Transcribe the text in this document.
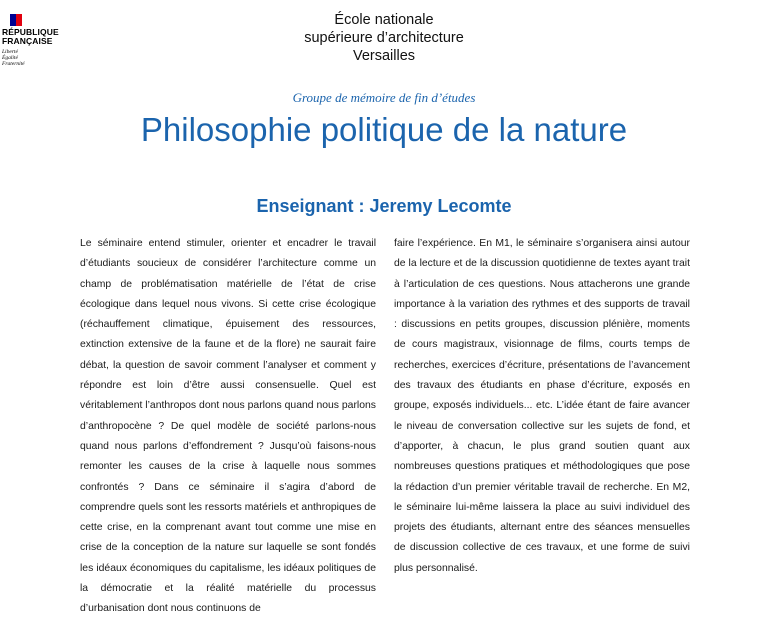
RÉPUBLIQUE
FRANÇAISE
Liberté
Égalité
Fraternité
École nationale
supérieure d’architecture
Versailles
Groupe de mémoire de fin d’études
Philosophie politique de la nature
Enseignant : Jeremy Lecomte

Le séminaire entend stimuler, orienter et encadrer le travail d’étudiants soucieux de considérer l’architecture comme un champ de problématisation matérielle de l’état de crise écologique dans lequel nous vivons. Si cette crise écologique (réchauffement climatique, épuisement des ressources, extinction extensive de la faune et de la flore) ne saurait faire débat, la question de savoir comment l’analyser et comment y répondre est loin d’être aussi consensuelle. Quel est véritablement l’anthropos dont nous parlons quand nous parlons d’anthropocène ? De quel modèle de société parlons-nous quand nous parlons d’effondrement ? Jusqu’où faisons-nous remonter les causes de la crise à laquelle nous sommes confrontés ? Dans ce séminaire il s’agira d’abord de comprendre quels sont les ressorts matériels et anthropiques de cette crise, en la comprenant avant tout comme une mise en crise de la conception de la nature sur laquelle se sont fondés les idéaux économiques du capitalisme, les idéaux politiques de la démocratie et la réalité matérielle du processus d’urbanisation dont nous continuons de

faire l’expérience. En M1, le séminaire s’organisera ainsi autour de la lecture et de la discussion quotidienne de textes ayant trait à l’articulation de ces questions. Nous attacherons une grande importance à la variation des rythmes et des supports de travail : discussions en petits groupes, discussion plénière, moments de cours magistraux, visionnage de films, courts temps de recherches, exercices d’écriture, présentations de l’avancement des travaux des étudiants en phase d’écriture, exposés en groupe, exposés individuels... etc. L’idée étant de faire avancer le niveau de conversation collective sur les sujets de fond, et d’apporter, à chacun, le plus grand soutien quant aux nombreuses questions pratiques et méthodologiques que pose la rédaction d’un premier véritable travail de recherche. En M2, le séminaire lui-même laissera la place au suivi individuel des projets des étudiants, alternant entre des séances mensuelles de discussion collective de ces travaux, et une forme de suivi plus personnalisé.
